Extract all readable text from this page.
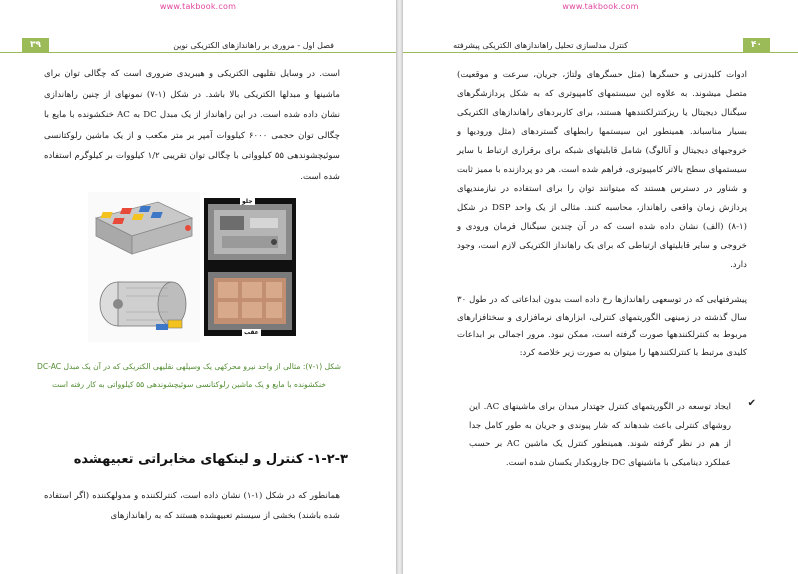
www.takbook.com
۳۹	فصل اول - مروری بر راهاندازهای الکتریکی نوین

است. در وسایل نقلیهی الکتریکی و هیبریدی ضروری است که چگالی توان برای ماشینها و مبدلها الکتریکی بالا باشد. در شکل (۱-۷) نمونهای از چنین راهاندازی نشان داده شده است. در این راهانداز از یک مبدل DC به AC خنکشونده با مایع با چگالی توان حجمی ۶۰۰۰ کیلووات آمپر بر متر مکعب و از یک ماشین رلوکتانسی سوئیچشوندهی ۵۵ کیلوواتی با چگالی توان تقریبی ۱/۲ کیلووات بر کیلوگرم استفاده شده است.

جلو
عقب
شکل (۱-۷): مثالی از واحد نیرو محرکهی یک وسیلهی نقلیهی الکتریکی که در آن یک مبدل DC-AC خنکشونده با مایع و یک ماشین رلوکتانسی سوئیچشوندهی ۵۵ کیلوواتی به کار رفته است
۱-۲-۳- کنترل و لینکهای مخابراتی تعبیهشده

همانطور که در شکل (۱-۱) نشان داده است، کنترلکننده و مدولهکننده (اگر استفاده شده باشند) بخشی از سیستم تعبیهشده هستند که به راهاندازهای

www.takbook.com
۴۰
کنترل مدلسازی تحلیل راهاندازهای الکتریکی پیشرفته

ادوات کلیدزنی و حسگرها (مثل حسگرهای ولتاژ، جریان، سرعت و موقعیت) متصل میشوند. به علاوه این سیستمهای کامپیوتری که به شکل پردازشگرهای سیگنال دیجیتال یا ریزکنترلکنندهها هستند، برای کاربردهای راهاندازهای الکتریکی بسیار مناسباند. همینطور این سیستمها رابطهای گستردهای (مثل ورودیها و خروجیهای دیجیتال و آنالوگ) شامل قابلیتهای شبکه برای برقراری ارتباط با سایر سیستمهای سطح بالاتر کامپیوتری، فراهم شده است. هر دو پردازنده با ممیز ثابت و شناور در دسترس هستند که میتوانند توان را برای استفاده در نیازمندیهای پردازش زمان واقعی راهانداز، محاسبه کنند. مثالی از یک واحد DSP در شکل (۱-۸) (الف) نشان داده شده است که در آن چندین سیگنال فرمان ورودی و خروجی و سایر قابلیتهای ارتباطی که برای یک راهانداز الکتریکی لازم است، وجود دارد.

پیشرفتهایی که در توسعهی راهاندازها رخ داده است بدون ابداعاتی که در طول ۳۰ سال گذشته در زمینهی الگوریتمهای کنترلی، ابزارهای نرمافزاری و سختافزارهای مربوط به کنترلکنندهها صورت گرفته است، ممکن نبود. مرور اجمالی بر ابداعات کلیدی مرتبط با کنترلکنندهها را میتوان به صورت زیر خلاصه کرد:

✔

ایجاد توسعه در الگوریتمهای کنترل جهتدار میدان برای ماشینهای AC. این روشهای کنترلی باعث شدهاند که شار پیوندی و جریان به طور کامل جدا از هم در نظر گرفته شوند. همینطور کنترل یک ماشین AC بر حسب عملکرد دینامیکی با ماشینهای DC جاروبکدار یکسان شده است.
